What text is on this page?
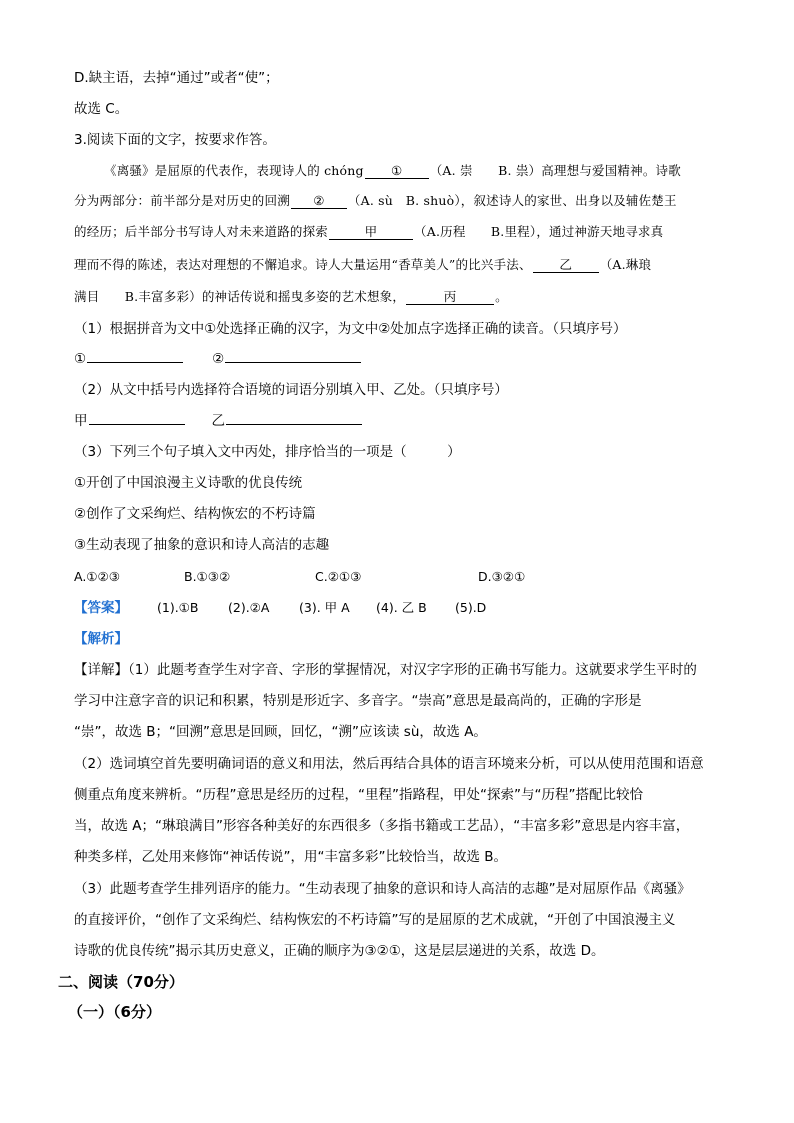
D.缺主语，去掉“通过”或者“使”；
故选 C。
3.阅读下面的文字，按要求作答。
《离骚》是屈原的代表作，表现诗人的 chóng ① （A. 崇　　B. 祟）高理想与爱国精神。诗歌
分为两部分：前半部分是对历史的回溯 ② （A. sù　B. shuò），叙述诗人的家世、出身以及辅佐楚王
的经历；后半部分书写诗人对未来道路的探索	甲	（A.历程　　B.里程），通过神游天地寻求真
理而不得的陈述，表达对理想的不懈追求。诗人大量运用“香草美人”的比兴手法、 乙 （A.琳琅
满目　　B.丰富多彩）的神话传说和摇曳多姿的艺术想象，	丙	。
（1）根据拼音为文中①处选择正确的汉字，为文中②处加点字选择正确的读音。（只填序号）
①	②
（2）从文中括号内选择符合语境的词语分别填入甲、乙处。（只填序号）
甲	乙
（3）下列三个句子填入文中丙处，排序恰当的一项是（　　　）
①开创了中国浪漫主义诗歌的优良传统
②创作了文采绚烂、结构恢宏的不朽诗篇
③生动表现了抽象的意识和诗人高洁的志趣
A.①②③	B.①③②	C.②①③	D.③②①
【答案】 (1).①B (2).②A (3). 甲 A (4). 乙 B (5).D
【解析】
【详解】（1）此题考查学生对字音、字形的掌握情况，对汉字字形的正确书写能力。这就要求学生平时的
学习中注意字音的识记和积累，特别是形近字、多音字。“崇高”意思是最高尚的，正确的字形是
“崇”，故选 B；“回溯”意思是回顾，回忆，“溯”应该读 sù，故选 A。
（2）选词填空首先要明确词语的意义和用法，然后再结合具体的语言环境来分析，可以从使用范围和语意
侧重点角度来辨析。“历程”意思是经历的过程，“里程”指路程，甲处“探索”与“历程”搭配比较恰
当，故选 A；“琳琅满目”形容各种美好的东西很多（多指书籍或工艺品），“丰富多彩”意思是内容丰富，
种类多样，乙处用来修饰“神话传说”，用“丰富多彩”比较恰当，故选 B。
（3）此题考查学生排列语序的能力。“生动表现了抽象的意识和诗人高洁的志趣”是对屈原作品《离骚》
的直接评价，“创作了文采绚烂、结构恢宏的不朽诗篇”写的是屈原的艺术成就，“开创了中国浪漫主义
诗歌的优良传统”揭示其历史意义，正确的顺序为③②①，这是层层递进的关系，故选 D。
二、阅读（70分）
（一）（6分）
